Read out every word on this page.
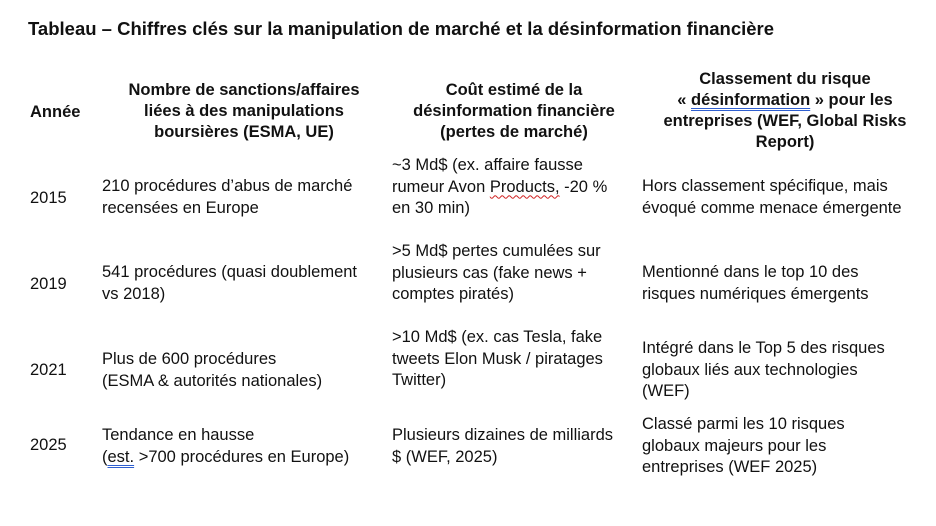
Tableau – Chiffres clés sur la manipulation de marché et la désinformation financière
Année
Nombre de sanctions/affaires
liées à des manipulations
boursières (ESMA, UE)
Coût estimé de la
désinformation financière
(pertes de marché)
Classement du risque
« désinformation » pour les
entreprises (WEF, Global Risks
Report)
2015
210 procédures d’abus de marché
recensées en Europe
~3 Md$ (ex. affaire fausse
rumeur Avon Products, -20 %
en 30 min)
Hors classement spécifique, mais
évoqué comme menace émergente
2019
541 procédures (quasi doublement
vs 2018)
>5 Md$ pertes cumulées sur
plusieurs cas (fake news +
comptes piratés)
Mentionné dans le top 10 des
risques numériques émergents
2021
Plus de 600 procédures
(ESMA & autorités nationales)
>10 Md$ (ex. cas Tesla, fake
tweets Elon Musk / piratages
Twitter)
Intégré dans le Top 5 des risques
globaux liés aux technologies
(WEF)
2025
Tendance en hausse
(est. >700 procédures en Europe)
Plusieurs dizaines de milliards
$ (WEF, 2025)
Classé parmi les 10 risques
globaux majeurs pour les
entreprises (WEF 2025)
